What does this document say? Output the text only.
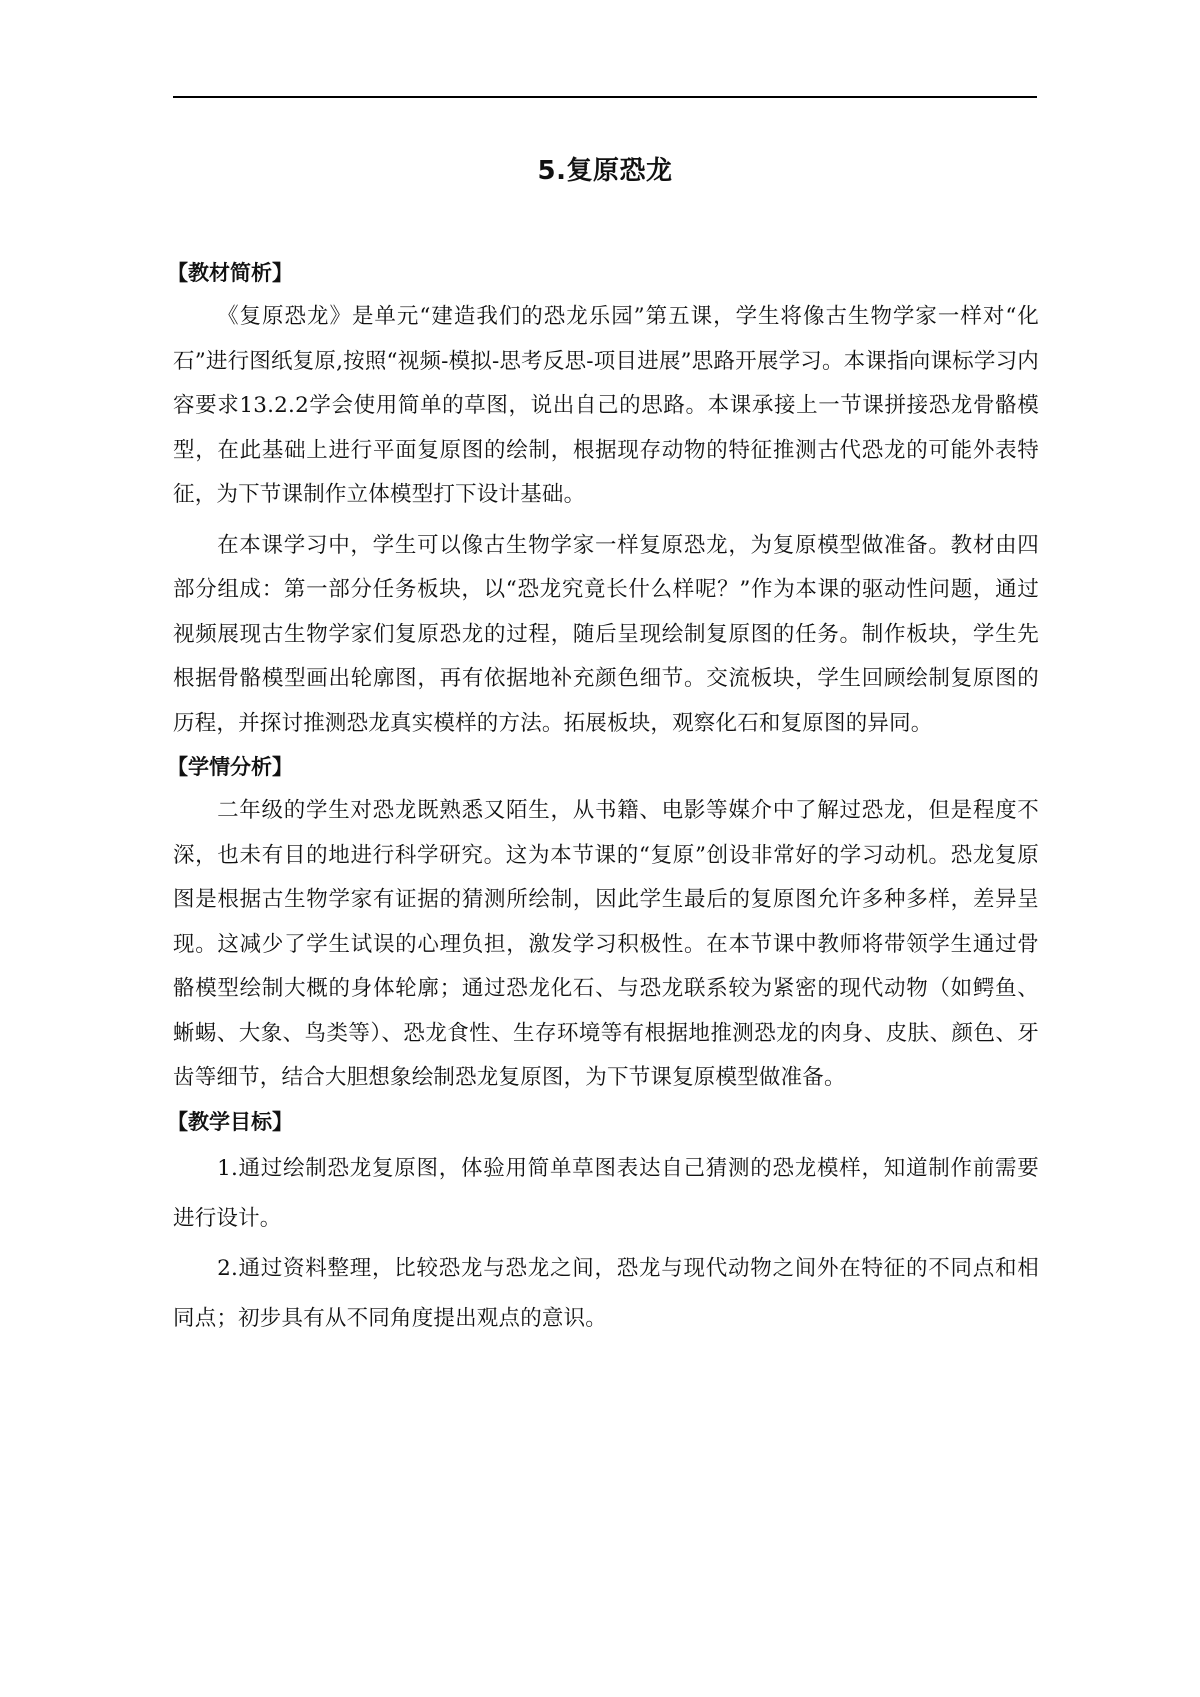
5.复原恐龙
【教材简析】

《复原恐龙》是单元“建造我们的恐龙乐园”第五课，学生将像古生物学家一样对“化石”进行图纸复原,按照“视频-模拟-思考反思-项目进展”思路开展学习。本课指向课标学习内容要求13.2.2学会使用简单的草图，说出自己的思路。本课承接上一节课拼接恐龙骨骼模型，在此基础上进行平面复原图的绘制，根据现存动物的特征推测古代恐龙的可能外表特征，为下节课制作立体模型打下设计基础。

在本课学习中，学生可以像古生物学家一样复原恐龙，为复原模型做准备。教材由四部分组成：第一部分任务板块，以“恐龙究竟长什么样呢？”作为本课的驱动性问题，通过视频展现古生物学家们复原恐龙的过程，随后呈现绘制复原图的任务。制作板块，学生先根据骨骼模型画出轮廓图，再有依据地补充颜色细节。交流板块，学生回顾绘制复原图的历程，并探讨推测恐龙真实模样的方法。拓展板块，观察化石和复原图的异同。

【学情分析】

二年级的学生对恐龙既熟悉又陌生，从书籍、电影等媒介中了解过恐龙，但是程度不深，也未有目的地进行科学研究。这为本节课的“复原”创设非常好的学习动机。恐龙复原图是根据古生物学家有证据的猜测所绘制，因此学生最后的复原图允许多种多样，差异呈现。这减少了学生试误的心理负担，激发学习积极性。在本节课中教师将带领学生通过骨骼模型绘制大概的身体轮廓；通过恐龙化石、与恐龙联系较为紧密的现代动物（如鳄鱼、蜥蜴、大象、鸟类等）、恐龙食性、生存环境等有根据地推测恐龙的肉身、皮肤、颜色、牙齿等细节，结合大胆想象绘制恐龙复原图，为下节课复原模型做准备。

【教学目标】

1.通过绘制恐龙复原图，体验用简单草图表达自己猜测的恐龙模样，知道制作前需要进行设计。

2.通过资料整理，比较恐龙与恐龙之间，恐龙与现代动物之间外在特征的不同点和相同点；初步具有从不同角度提出观点的意识。
